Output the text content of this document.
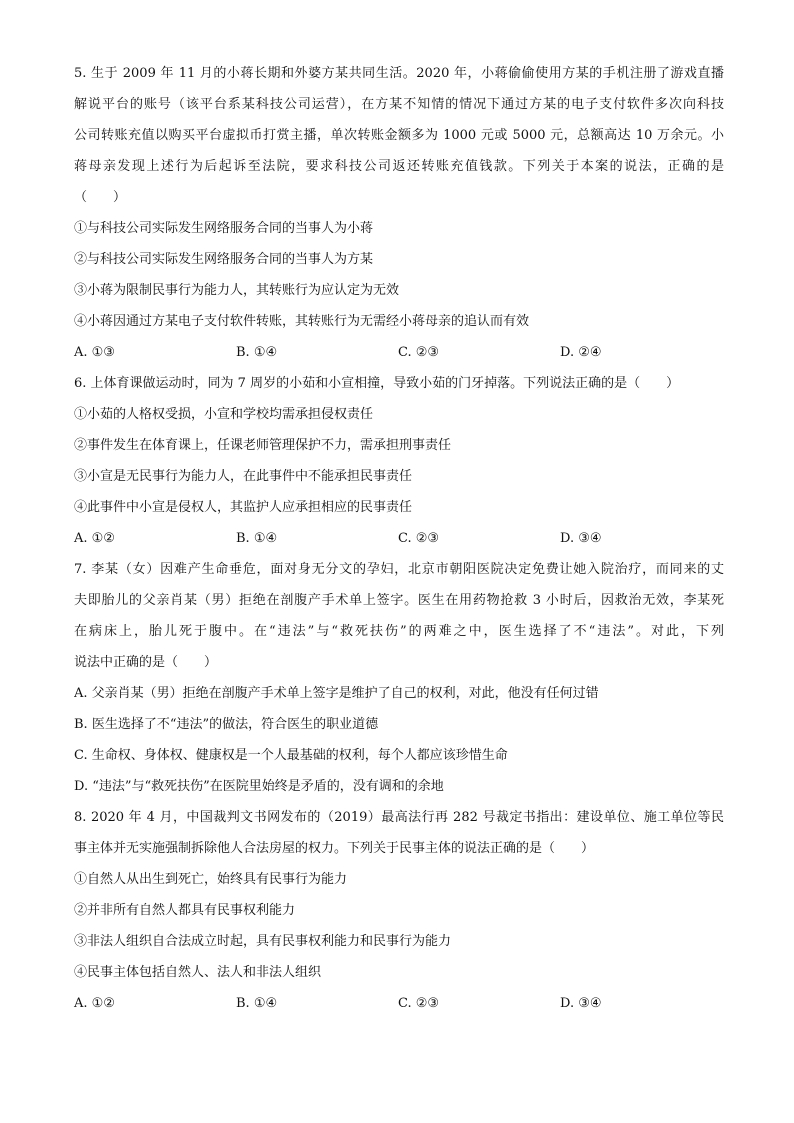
5. 生于 2009 年 11 月的小蒋长期和外婆方某共同生活。2020 年，小蒋偷偷使用方某的手机注册了游戏直播
解说平台的账号（该平台系某科技公司运营），在方某不知情的情况下通过方某的电子支付软件多次向科技
公司转账充值以购买平台虚拟币打赏主播，单次转账金额多为 1000 元或 5000 元，总额高达 10 万余元。小
蒋母亲发现上述行为后起诉至法院，要求科技公司返还转账充值钱款。下列关于本案的说法，正确的是
（　　）
①与科技公司实际发生网络服务合同的当事人为小蒋
②与科技公司实际发生网络服务合同的当事人为方某
③小蒋为限制民事行为能力人，其转账行为应认定为无效
④小蒋因通过方某电子支付软件转账，其转账行为无需经小蒋母亲的追认而有效
A. ①③	B. ①④	C. ②③	D. ②④
6. 上体育课做运动时，同为 7 周岁的小茹和小宣相撞，导致小茹的门牙掉落。下列说法正确的是（　　）
①小茹的人格权受损，小宣和学校均需承担侵权责任
②事件发生在体育课上，任课老师管理保护不力，需承担刑事责任
③小宣是无民事行为能力人，在此事件中不能承担民事责任
④此事件中小宣是侵权人，其监护人应承担相应的民事责任
A. ①②	B. ①④	C. ②③	D. ③④
7. 李某（女）因难产生命垂危，面对身无分文的孕妇，北京市朝阳医院决定免费让她入院治疗，而同来的丈
夫即胎儿的父亲肖某（男）拒绝在剖腹产手术单上签字。医生在用药物抢救 3 小时后，因救治无效，李某死
在病床上，胎儿死于腹中。在“违法”与“救死扶伤”的两难之中，医生选择了不“违法”。对此，下列
说法中正确的是（　　）
A. 父亲肖某（男）拒绝在剖腹产手术单上签字是维护了自己的权利，对此，他没有任何过错
B. 医生选择了不“违法”的做法，符合医生的职业道德
C. 生命权、身体权、健康权是一个人最基础的权利，每个人都应该珍惜生命
D. “违法”与“救死扶伤”在医院里始终是矛盾的，没有调和的余地
8. 2020 年 4 月，中国裁判文书网发布的（2019）最高法行再 282 号裁定书指出：建设单位、施工单位等民
事主体并无实施强制拆除他人合法房屋的权力。下列关于民事主体的说法正确的是（　　）
①自然人从出生到死亡，始终具有民事行为能力
②并非所有自然人都具有民事权利能力
③非法人组织自合法成立时起，具有民事权利能力和民事行为能力
④民事主体包括自然人、法人和非法人组织
A. ①②	B. ①④	C. ②③	D. ③④
